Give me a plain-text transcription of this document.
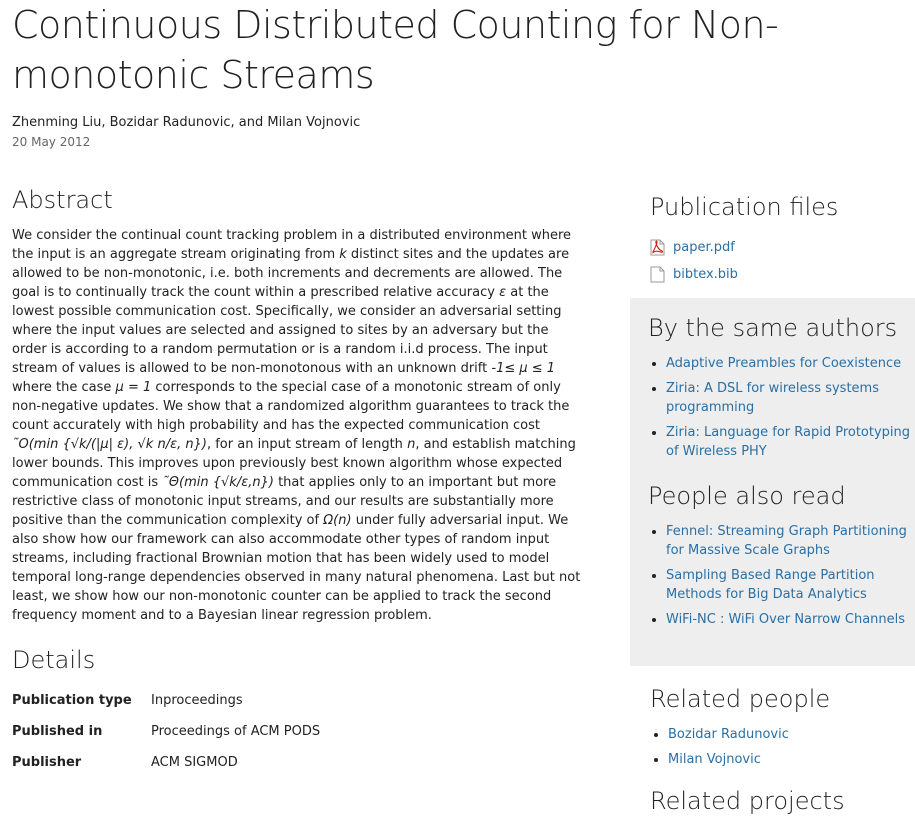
Continuous Distributed Counting for Non-monotonic Streams
Zhenming Liu, Bozidar Radunovic, and Milan Vojnovic
20 May 2012
Abstract

We consider the continual count tracking problem in a distributed environment where the input is an aggregate stream originating from k distinct sites and the updates are allowed to be non-monotonic, i.e. both increments and decrements are allowed. The goal is to continually track the count within a prescribed relative accuracy ε at the lowest possible communication cost. Specifically, we consider an adversarial setting where the input values are selected and assigned to sites by an adversary but the order is according to a random permutation or is a random i.i.d process. The input stream of values is allowed to be non-monotonous with an unknown drift -1≤ μ ≤ 1 where the case μ = 1 corresponds to the special case of a monotonic stream of only non-negative updates. We show that a randomized algorithm guarantees to track the count accurately with high probability and has the expected communication cost ˜O(min {√k/(|μ| ε), √k n/ε, n}), for an input stream of length n, and establish matching lower bounds. This improves upon previously best known algorithm whose expected communication cost is ˜Θ(min {√k/ε,n}) that applies only to an important but more restrictive class of monotonic input streams, and our results are substantially more positive than the communication complexity of Ω(n) under fully adversarial input. We also show how our framework can also accommodate other types of random input streams, including fractional Brownian motion that has been widely used to model temporal long-range dependencies observed in many natural phenomena. Last but not least, we show how our non-monotonic counter can be applied to track the second frequency moment and to a Bayesian linear regression problem.

Details
Publication type	Inproceedings
Published in	Proceedings of ACM PODS
Publisher	ACM SIGMOD
Publication files
paper.pdf
bibtex.bib
By the same authors
• Adaptive Preambles for Coexistence
• Ziria: A DSL for wireless systems programming
• Ziria: Language for Rapid Prototyping of Wireless PHY
People also read
• Fennel: Streaming Graph Partitioning for Massive Scale Graphs
• Sampling Based Range Partition Methods for Big Data Analytics
• WiFi-NC : WiFi Over Narrow Channels
Related people
• Bozidar Radunovic
• Milan Vojnovic
Related projects
